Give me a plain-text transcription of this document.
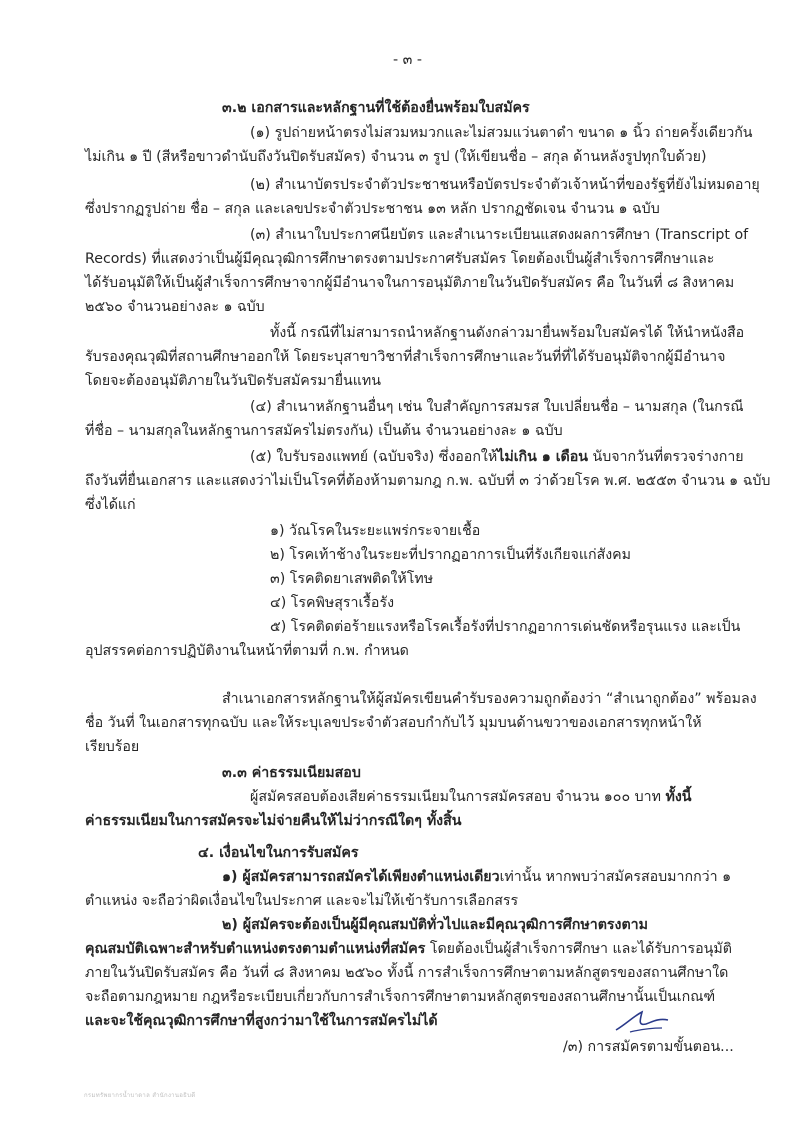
- ๓ -
๓.๒ เอกสารและหลักฐานที่ใช้ต้องยื่นพร้อมใบสมัคร
(๑) รูปถ่ายหน้าตรงไม่สวมหมวกและไม่สวมแว่นตาดำ ขนาด ๑ นิ้ว ถ่ายครั้งเดียวกัน
ไม่เกิน ๑ ปี (สีหรือขาวดำนับถึงวันปิดรับสมัคร) จำนวน ๓ รูป (ให้เขียนชื่อ – สกุล ด้านหลังรูปทุกใบด้วย)
(๒) สำเนาบัตรประจำตัวประชาชนหรือบัตรประจำตัวเจ้าหน้าที่ของรัฐที่ยังไม่หมดอายุ
ซึ่งปรากฏรูปถ่าย ชื่อ – สกุล และเลขประจำตัวประชาชน ๑๓ หลัก ปรากฏชัดเจน จำนวน ๑ ฉบับ
(๓) สำเนาใบประกาศนียบัตร และสำเนาระเบียนแสดงผลการศึกษา (Transcript of
Records) ที่แสดงว่าเป็นผู้มีคุณวุฒิการศึกษาตรงตามประกาศรับสมัคร โดยต้องเป็นผู้สำเร็จการศึกษาและ
ได้รับอนุมัติให้เป็นผู้สำเร็จการศึกษาจากผู้มีอำนาจในการอนุมัติภายในวันปิดรับสมัคร คือ ในวันที่ ๘ สิงหาคม
๒๕๖๐ จำนวนอย่างละ ๑ ฉบับ
ทั้งนี้ กรณีที่ไม่สามารถนำหลักฐานดังกล่าวมายื่นพร้อมใบสมัครได้ ให้นำหนังสือ
รับรองคุณวุฒิที่สถานศึกษาออกให้ โดยระบุสาขาวิชาที่สำเร็จการศึกษาและวันที่ที่ได้รับอนุมัติจากผู้มีอำนาจ
โดยจะต้องอนุมัติภายในวันปิดรับสมัครมายื่นแทน
(๔) สำเนาหลักฐานอื่นๆ เช่น ใบสำคัญการสมรส ใบเปลี่ยนชื่อ – นามสกุล (ในกรณี
ที่ชื่อ – นามสกุลในหลักฐานการสมัครไม่ตรงกัน) เป็นต้น จำนวนอย่างละ ๑ ฉบับ
(๕) ใบรับรองแพทย์ (ฉบับจริง) ซึ่งออกให้ไม่เกิน ๑ เดือน นับจากวันที่ตรวจร่างกาย
ถึงวันที่ยื่นเอกสาร และแสดงว่าไม่เป็นโรคที่ต้องห้ามตามกฎ ก.พ. ฉบับที่ ๓ ว่าด้วยโรค พ.ศ. ๒๕๕๓ จำนวน ๑ ฉบับ
ซึ่งได้แก่
๑) วัณโรคในระยะแพร่กระจายเชื้อ
๒) โรคเท้าช้างในระยะที่ปรากฏอาการเป็นที่รังเกียจแก่สังคม
๓) โรคติดยาเสพติดให้โทษ
๔) โรคพิษสุราเรื้อรัง
๕) โรคติดต่อร้ายแรงหรือโรคเรื้อรังที่ปรากฏอาการเด่นชัดหรือรุนแรง และเป็น
อุปสรรคต่อการปฏิบัติงานในหน้าที่ตามที่ ก.พ. กำหนด
สำเนาเอกสารหลักฐานให้ผู้สมัครเขียนคำรับรองความถูกต้องว่า “สำเนาถูกต้อง” พร้อมลง
ชื่อ วันที่ ในเอกสารทุกฉบับ และให้ระบุเลขประจำตัวสอบกำกับไว้ มุมบนด้านขวาของเอกสารทุกหน้าให้
เรียบร้อย
๓.๓ ค่าธรรมเนียมสอบ
ผู้สมัครสอบต้องเสียค่าธรรมเนียมในการสมัครสอบ จำนวน ๑๐๐ บาท ทั้งนี้
ค่าธรรมเนียมในการสมัครจะไม่จ่ายคืนให้ไม่ว่ากรณีใดๆ ทั้งสิ้น
๔. เงื่อนไขในการรับสมัคร
๑) ผู้สมัครสามารถสมัครได้เพียงตำแหน่งเดียวเท่านั้น หากพบว่าสมัครสอบมากกว่า ๑
ตำแหน่ง จะถือว่าผิดเงื่อนไขในประกาศ และจะไม่ให้เข้ารับการเลือกสรร
๒) ผู้สมัครจะต้องเป็นผู้มีคุณสมบัติทั่วไปและมีคุณวุฒิการศึกษาตรงตาม
คุณสมบัติเฉพาะสำหรับตำแหน่งตรงตามตำแหน่งที่สมัคร โดยต้องเป็นผู้สำเร็จการศึกษา และได้รับการอนุมัติ
ภายในวันปิดรับสมัคร คือ วันที่ ๘ สิงหาคม ๒๕๖๐ ทั้งนี้ การสำเร็จการศึกษาตามหลักสูตรของสถานศึกษาใด
จะถือตามกฎหมาย กฎหรือระเบียบเกี่ยวกับการสำเร็จการศึกษาตามหลักสูตรของสถานศึกษานั้นเป็นเกณฑ์
และจะใช้คุณวุฒิการศึกษาที่สูงกว่ามาใช้ในการสมัครไม่ได้
/๓) การสมัครตามขั้นตอน...
กรมทรัพยากรน้ำบาดาล สำนักงานอธิบดี
